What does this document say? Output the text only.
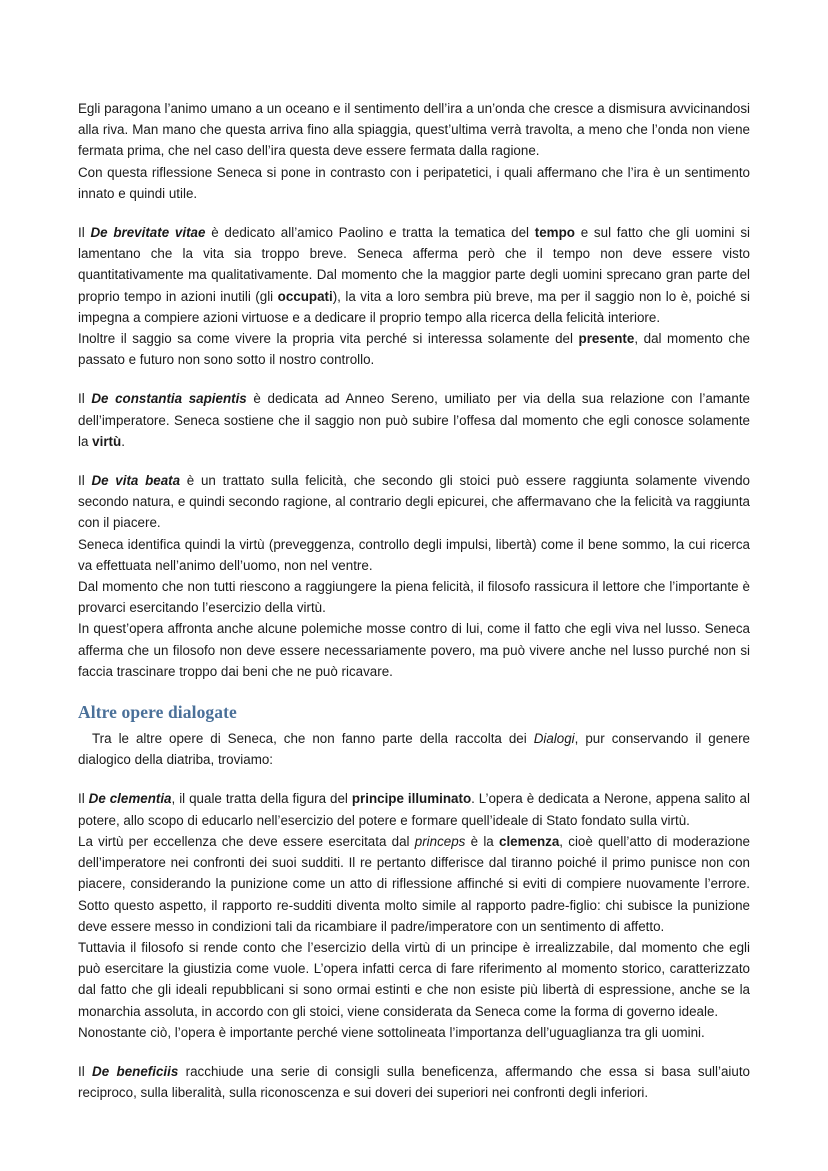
Egli paragona l’animo umano a un oceano e il sentimento dell’ira a un’onda che cresce a dismisura avvicinandosi alla riva. Man mano che questa arriva fino alla spiaggia, quest’ultima verrà travolta, a meno che l’onda non viene fermata prima, che nel caso dell’ira questa deve essere fermata dalla ragione.

Con questa riflessione Seneca si pone in contrasto con i peripatetici, i quali affermano che l’ira è un sentimento innato e quindi utile.

Il De brevitate vitae è dedicato all’amico Paolino e tratta la tematica del tempo e sul fatto che gli uomini si lamentano che la vita sia troppo breve. Seneca afferma però che il tempo non deve essere visto quantitativamente ma qualitativamente. Dal momento che la maggior parte degli uomini sprecano gran parte del proprio tempo in azioni inutili (gli occupati), la vita a loro sembra più breve, ma per il saggio non lo è, poiché si impegna a compiere azioni virtuose e a dedicare il proprio tempo alla ricerca della felicità interiore.

Inoltre il saggio sa come vivere la propria vita perché si interessa solamente del presente, dal momento che passato e futuro non sono sotto il nostro controllo.

Il De constantia sapientis è dedicata ad Anneo Sereno, umiliato per via della sua relazione con l’amante dell’imperatore. Seneca sostiene che il saggio non può subire l’offesa dal momento che egli conosce solamente la virtù.

Il De vita beata è un trattato sulla felicità, che secondo gli stoici può essere raggiunta solamente vivendo secondo natura, e quindi secondo ragione, al contrario degli epicurei, che affermavano che la felicità va raggiunta con il piacere.

Seneca identifica quindi la virtù (preveggenza, controllo degli impulsi, libertà) come il bene sommo, la cui ricerca va effettuata nell’animo dell’uomo, non nel ventre.

Dal momento che non tutti riescono a raggiungere la piena felicità, il filosofo rassicura il lettore che l’importante è provarci esercitando l’esercizio della virtù.

In quest’opera affronta anche alcune polemiche mosse contro di lui, come il fatto che egli viva nel lusso. Seneca afferma che un filosofo non deve essere necessariamente povero, ma può vivere anche nel lusso purché non si faccia trascinare troppo dai beni che ne può ricavare.

Altre opere dialogate

Tra le altre opere di Seneca, che non fanno parte della raccolta dei Dialogi, pur conservando il genere dialogico della diatriba, troviamo:

Il De clementia, il quale tratta della figura del principe illuminato. L’opera è dedicata a Nerone, appena salito al potere, allo scopo di educarlo nell’esercizio del potere e formare quell’ideale di Stato fondato sulla virtù.

La virtù per eccellenza che deve essere esercitata dal princeps è la clemenza, cioè quell’atto di moderazione dell’imperatore nei confronti dei suoi sudditi. Il re pertanto differisce dal tiranno poiché il primo punisce non con piacere, considerando la punizione come un atto di riflessione affinché si eviti di compiere nuovamente l’errore. Sotto questo aspetto, il rapporto re-sudditi diventa molto simile al rapporto padre-figlio: chi subisce la punizione deve essere messo in condizioni tali da ricambiare il padre/imperatore con un sentimento di affetto.

Tuttavia il filosofo si rende conto che l’esercizio della virtù di un principe è irrealizzabile, dal momento che egli può esercitare la giustizia come vuole. L’opera infatti cerca di fare riferimento al momento storico, caratterizzato dal fatto che gli ideali repubblicani si sono ormai estinti e che non esiste più libertà di espressione, anche se la monarchia assoluta, in accordo con gli stoici, viene considerata da Seneca come la forma di governo ideale.

Nonostante ciò, l’opera è importante perché viene sottolineata l’importanza dell’uguaglianza tra gli uomini.

Il De beneficiis racchiude una serie di consigli sulla beneficenza, affermando che essa si basa sull’aiuto reciproco, sulla liberalità, sulla riconoscenza e sui doveri dei superiori nei confronti degli inferiori.
